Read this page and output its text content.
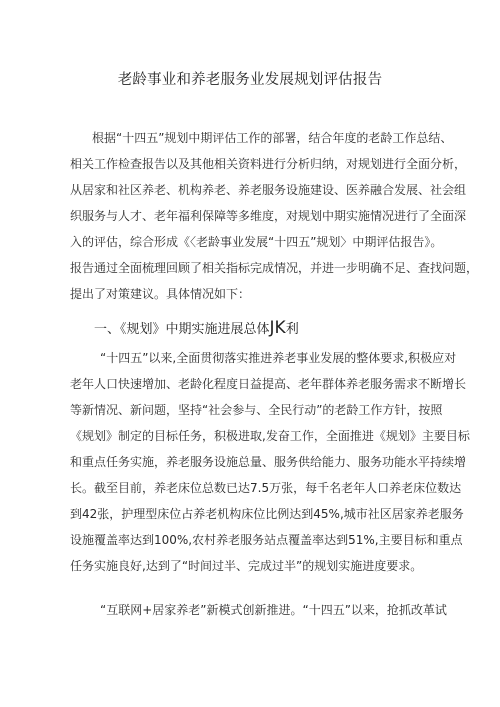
老龄事业和养老服务业发展规划评估报告
根据“十四五”规划中期评估工作的部署，结合年度的老龄工作总结、
相关工作检查报告以及其他相关资料进行分析归纳，对规划进行全面分析，
从居家和社区养老、机构养老、养老服务设施建设、医养融合发展、社会组
织服务与人才、老年福利保障等多维度，对规划中期实施情况进行了全面深
入的评估，综合形成《〈老龄事业发展“十四五”规划〉中期评估报告》。
报告通过全面梳理回顾了相关指标完成情况，并进一步明确不足、查找问题，
提出了对策建议。具体情况如下：
一、《规划》中期实施进展总体JK利
“十四五”以来,全面贯彻落实推进养老事业发展的整体要求,积极应对
老年人口快速增加、老龄化程度日益提高、老年群体养老服务需求不断增长
等新情况、新问题，坚持“社会参与、全民行动”的老龄工作方针，按照
《规划》制定的目标任务，积极进取,发奋工作，全面推进《规划》主要目标
和重点任务实施，养老服务设施总量、服务供给能力、服务功能水平持续增
长。截至目前，养老床位总数已达7.5万张，每千名老年人口养老床位数达
到42张，护理型床位占养老机构床位比例达到45%,城市社区居家养老服务
设施覆盖率达到100%,农村养老服务站点覆盖率达到51%,主要目标和重点
任务实施良好,达到了“时间过半、完成过半”的规划实施进度要求。
“互联网+居家养老”新模式创新推进。“十四五”以来，抢抓改革试
